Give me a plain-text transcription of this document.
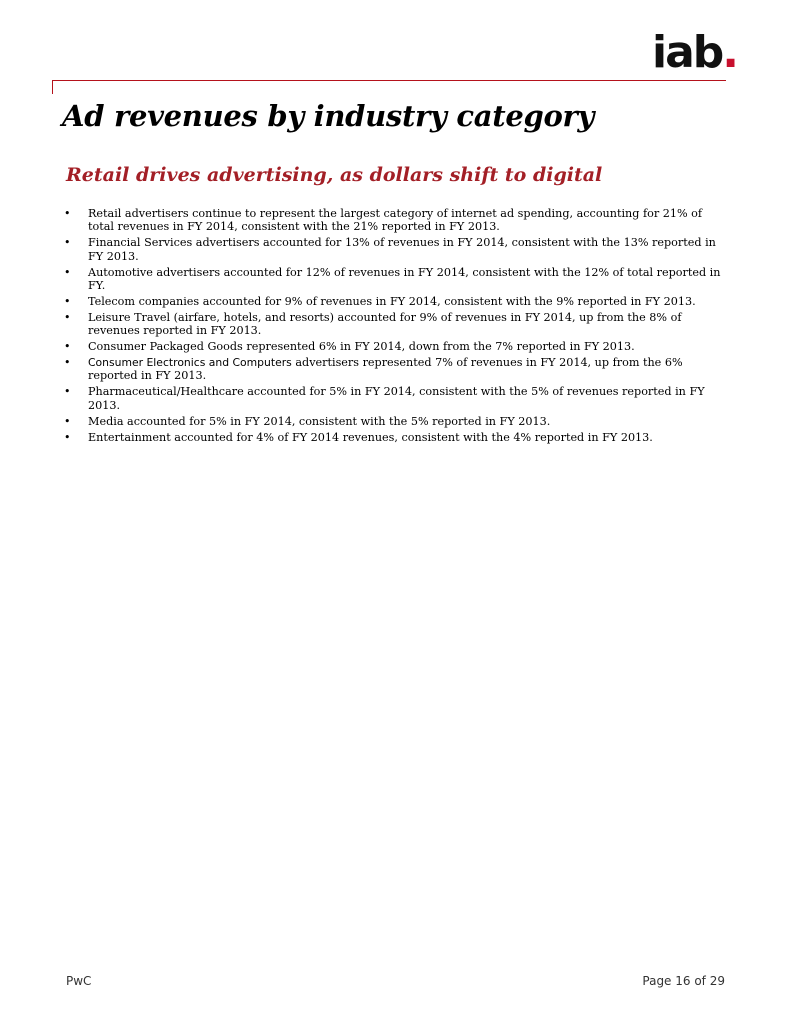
iab.
Ad revenues by industry category
Retail drives advertising, as dollars shift to digital
• Retail advertisers continue to represent the largest category of internet ad spending, accounting for 21% of total revenues in FY 2014, consistent with the 21% reported in FY 2013.
• Financial Services advertisers accounted for 13% of revenues in FY 2014, consistent with the 13% reported in FY 2013.
• Automotive advertisers accounted for 12% of revenues in FY 2014, consistent with the 12% of total reported in FY.
• Telecom companies accounted for 9% of revenues in FY 2014, consistent with the 9% reported in FY 2013.
• Leisure Travel (airfare, hotels, and resorts) accounted for 9% of revenues in FY 2014, up from the 8% of revenues reported in FY 2013.
• Consumer Packaged Goods represented 6% in FY 2014, down from the 7% reported in FY 2013.
• Consumer Electronics and Computers advertisers represented 7% of revenues in FY 2014, up from the 6% reported in FY 2013.
• Pharmaceutical/Healthcare accounted for 5% in FY 2014, consistent with the 5% of revenues reported in FY 2013.
• Media accounted for 5% in FY 2014, consistent with the 5% reported in FY 2013.
• Entertainment accounted for 4% of FY 2014 revenues, consistent with the 4% reported in FY 2013.
PwC	Page 16 of 29
